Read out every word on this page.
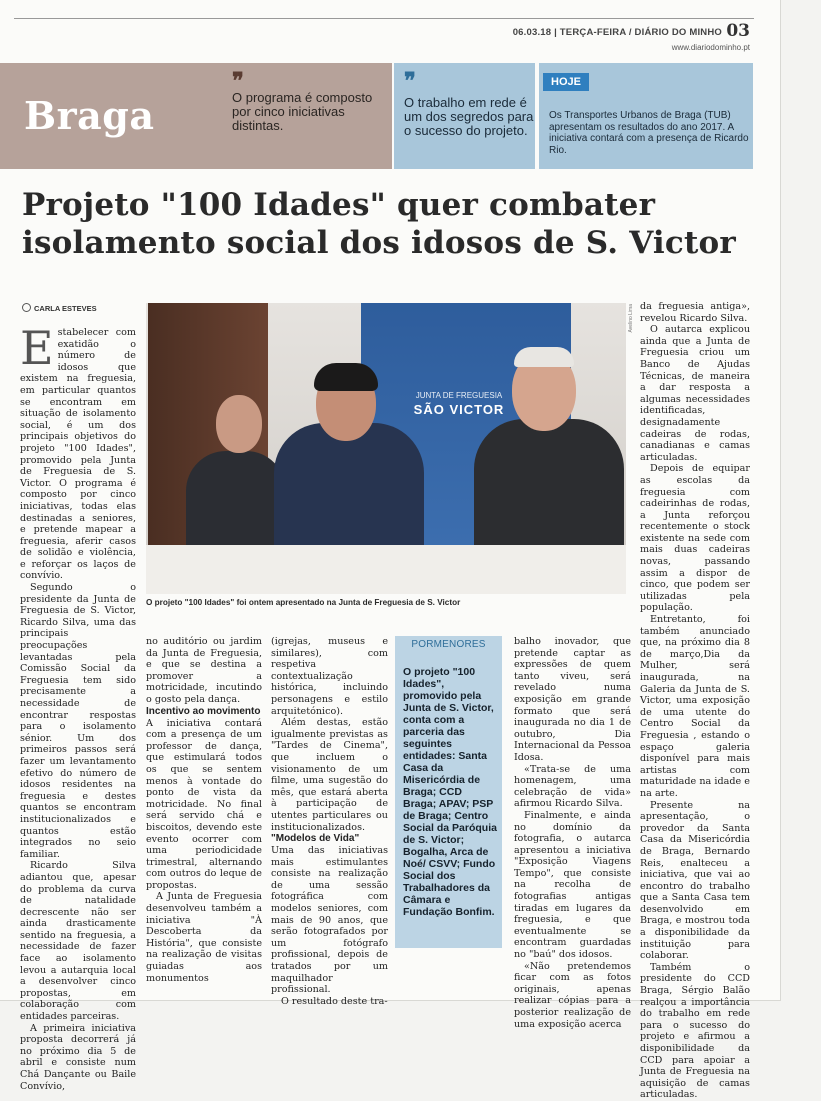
06.03.18 | TERÇA-FEIRA / DIÁRIO DO MINHO 03
www.diariodominho.pt
Braga
❞
O programa é composto por cinco iniciativas distintas.
❞
O trabalho em rede é um dos segredos para o sucesso do projeto.
HOJE
Os Transportes Urbanos de Braga (TUB) apresentam os resultados do ano 2017. A iniciativa contará com a presença de Ricardo Rio.
Projeto "100 Idades" quer combater isolamento social dos idosos de S. Victor
CARLA ESTEVES

Estabelecer com exatidão o número de idosos que existem na freguesia, em particular quantos se encontram em situação de isolamento social, é um dos principais objetivos do projeto "100 Idades", promovido pela Junta de Freguesia de S. Victor. O programa é composto por cinco iniciativas, todas elas destinadas a seniores, e pretende mapear a freguesia, aferir casos de solidão e violência, e reforçar os laços de convívio.

Segundo o presidente da Junta de Freguesia de S. Victor, Ricardo Silva, uma das principais preocupações levantadas pela Comissão Social da Freguesia tem sido precisamente a necessidade de encontrar respostas para o isolamento sénior. Um dos primeiros passos será fazer um levantamento efetivo do número de idosos residentes na freguesia e destes quantos se encontram institucionalizados e quantos estão integrados no seio familiar.

Ricardo Silva adiantou que, apesar do problema da curva de natalidade decrescente não ser ainda drasticamente sentido na freguesia, a necessidade de fazer face ao isolamento levou a autarquia local a desenvolver cinco propostas, em colaboração com entidades parceiras.

A primeira iniciativa proposta decorrerá já no próximo dia 5 de abril e consiste num Chá Dançante ou Baile Convívio,

JUNTA DE FREGUESIA
SÃO VICTOR
Avelino Lima
O projeto "100 Idades" foi ontem apresentado na Junta de Freguesia de S. Victor

da freguesia antiga», revelou Ricardo Silva.

O autarca explicou ainda que a Junta de Freguesia criou um Banco de Ajudas Técnicas, de maneira a dar resposta a algumas necessidades identificadas, designadamente cadeiras de rodas, canadianas e camas articuladas.

Depois de equipar as escolas da freguesia com cadeirinhas de rodas, a Junta reforçou recentemente o stock existente na sede com mais duas cadeiras novas, passando assim a dispor de cinco, que podem ser utilizadas pela população.

Entretanto, foi também anunciado que, na próximo dia 8 de março,Dia da Mulher, será inaugurada, na Galeria da Junta de S. Victor, uma exposição de uma utente do Centro Social da Freguesia , estando o espaço galeria disponível para mais artistas com maturidade na idade e na arte.

Presente na apresentação, o provedor da Santa Casa da Misericórdia de Braga, Bernardo Reis, enalteceu a iniciativa, que vai ao encontro do trabalho que a Santa Casa tem desenvolvido em Braga, e mostrou toda a disponibilidade da instituição para colaborar.

Também o presidente do CCD Braga, Sérgio Balão realçou a importância do trabalho em rede para o sucesso do projeto e afirmou a disponibilidade da CCD para apoiar a Junta de Freguesia na aquisição de camas articuladas.

no auditório ou jardim da Junta de Freguesia, e que se destina a promover a motricidade, incutindo o gosto pela dança.

Incentivo ao movimento

A iniciativa contará com a presença de um professor de dança, que estimulará todos os que se sentem menos à vontade do ponto de vista da motricidade. No final será servido chá e biscoitos, devendo este evento ocorrer com uma periodicidade trimestral, alternando com outros do leque de propostas.

A Junta de Freguesia desenvolveu também a iniciativa "À Descoberta da História", que consiste na realização de visitas guiadas aos monumentos

(igrejas, museus e similares), com respetiva contextualização histórica, incluindo personagens e estilo arquitetónico).

Além destas, estão igualmente previstas as "Tardes de Cinema", que incluem o visionamento de um filme, uma sugestão do mês, que estará aberta à participação de utentes particulares ou institucionalizados.

"Modelos de Vida"

Uma das iniciativas mais estimulantes consiste na realização de uma sessão fotográfica com modelos seniores, com mais de 90 anos, que serão fotografados por um fotógrafo profissional, depois de tratados por um maquilhador profissional.

O resultado deste tra-

PORMENORES
O projeto "100 Idades", promovido pela Junta de S. Victor, conta com a parceria das seguintes entidades: Santa Casa da Misericórdia de Braga; CCD Braga; APAV; PSP de Braga; Centro Social da Paróquia de S. Victor; Bogalha, Arca de Noé/ CSVV; Fundo Social dos Trabalhadores da Câmara e Fundação Bonfim.

balho inovador, que pretende captar as expressões de quem tanto viveu, será revelado numa exposição em grande formato que será inaugurada no dia 1 de outubro, Dia Internacional da Pessoa Idosa.

«Trata-se de uma homenagem, uma celebração de vida» afirmou Ricardo Silva.

Finalmente, e ainda no domínio da fotografia, o autarca apresentou a iniciativa "Exposição Viagens Tempo", que consiste na recolha de fotografias antigas tiradas em lugares da freguesia, e que eventualmente se encontram guardadas no "baú" dos idosos.

«Não pretendemos ficar com as fotos originais, apenas realizar cópias para a posterior realização de uma exposição acerca
